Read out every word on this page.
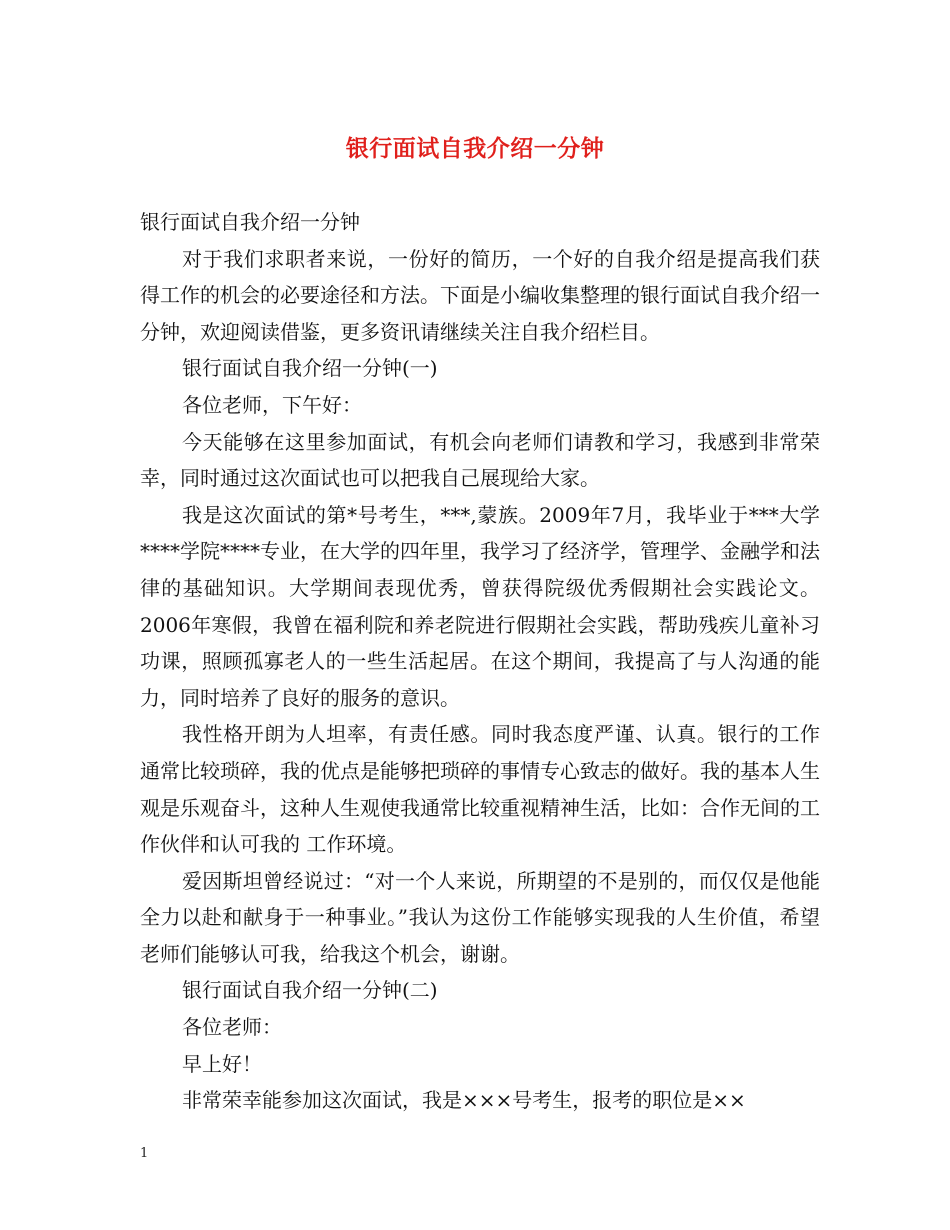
银行面试自我介绍一分钟

银行面试自我介绍一分钟

对于我们求职者来说，一份好的简历，一个好的自我介绍是提高我们获得工作的机会的必要途径和方法。下面是小编收集整理的银行面试自我介绍一分钟，欢迎阅读借鉴，更多资讯请继续关注自我介绍栏目。

银行面试自我介绍一分钟(一)

各位老师，下午好：

今天能够在这里参加面试，有机会向老师们请教和学习，我感到非常荣幸，同时通过这次面试也可以把我自己展现给大家。

我是这次面试的第*号考生，***,蒙族。2009年7月，我毕业于***大学****学院****专业，在大学的四年里，我学习了经济学，管理学、金融学和法律的基础知识。大学期间表现优秀，曾获得院级优秀假期社会实践论文。2006年寒假，我曾在福利院和养老院进行假期社会实践，帮助残疾儿童补习功课，照顾孤寡老人的一些生活起居。在这个期间，我提高了与人沟通的能力，同时培养了良好的服务的意识。

我性格开朗为人坦率，有责任感。同时我态度严谨、认真。银行的工作通常比较琐碎，我的优点是能够把琐碎的事情专心致志的做好。我的基本人生观是乐观奋斗，这种人生观使我通常比较重视精神生活，比如：合作无间的工作伙伴和认可我的 工作环境。

爱因斯坦曾经说过：“对一个人来说，所期望的不是别的，而仅仅是他能全力以赴和献身于一种事业。”我认为这份工作能够实现我的人生价值，希望老师们能够认可我，给我这个机会，谢谢。

银行面试自我介绍一分钟(二)

各位老师：

早上好！

非常荣幸能参加这次面试，我是×××号考生，报考的职位是××

1
